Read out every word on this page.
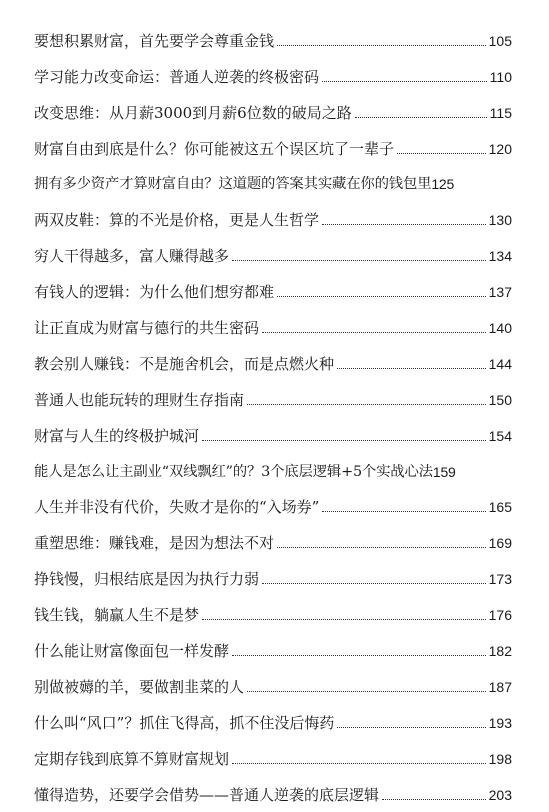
要想积累财富，首先要学会尊重金钱	105
学习能力改变命运：普通人逆袭的终极密码	110
改变思维：从月薪3000到月薪6位数的破局之路	115
财富自由到底是什么？你可能被这五个误区坑了一辈子	120
拥有多少资产才算财富自由？这道题的答案其实藏在你的钱包里 125
两双皮鞋：算的不光是价格，更是人生哲学	130
穷人干得越多，富人赚得越多	134
有钱人的逻辑：为什么他们想穷都难	137
让正直成为财富与德行的共生密码	140
教会别人赚钱：不是施舍机会，而是点燃火种	144
普通人也能玩转的理财生存指南	150
财富与人生的终极护城河	154
能人是怎么让主副业“双线飘红”的？3个底层逻辑+5个实战心法 159
人生并非没有代价，失败才是你的“入场券”	165
重塑思维：赚钱难，是因为想法不对	169
挣钱慢，归根结底是因为执行力弱	173
钱生钱，躺赢人生不是梦	176
什么能让财富像面包一样发酵	182
别做被薅的羊，要做割韭菜的人	187
什么叫“风口”？抓住飞得高，抓不住没后悔药	193
定期存钱到底算不算财富规划	198
懂得造势，还要学会借势——普通人逆袭的底层逻辑	203
